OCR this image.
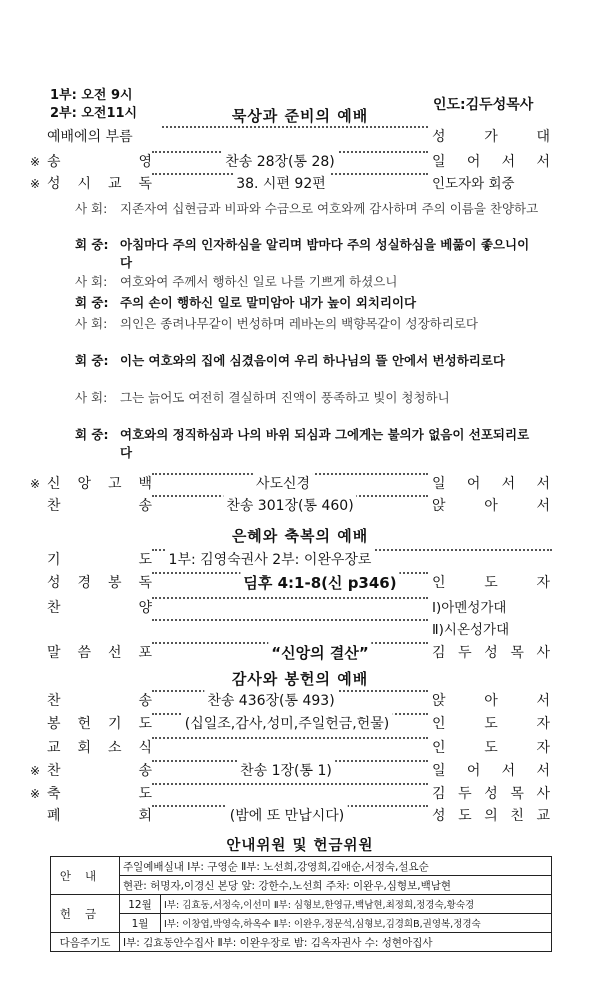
1부: 오전 9시
2부: 오전11시
인도:김두성목사
묵상과 준비의 예배
예배에의 부름	성	가	대
※ 송	영	찬송 28장(통 28)	일 어 서 서
※ 성 시 교 독	38. 시편 92편	인도자와 회중
※ 신 앙 고 백	사도신경	일 어 서 서
찬	송	찬송 301장(통 460)	앉	아	서
기	도 1부: 김영숙권사 2부: 이완우장로
성 경 봉 독	딤후 4:1-8(신 p346)	인	도	자
찬	양	Ⅰ)아멘성가대
Ⅱ)시온성가대
말 씀 선 포	“신앙의 결산”	김 두 성 목 사
찬	송	찬송 436장(통 493)	앉	아	서
봉 헌 기 도 (십일조,감사,성미,주일헌금,헌물)	인	도	자
교 회 소 식	인	도	자
※ 찬	송	찬송 1장(통 1)	일 어 서 서
※ 축	도	김 두 성 목 사
폐	회	(밤에 또 만납시다)	성 도 의 친 교
사 회:	지존자여 십현금과 비파와 수금으로 여호와께 감사하며 주의 이름을 찬양하고
회 중: 아침마다 주의 인자하심을 알리며 밤마다 주의 성실하심을 베풂이 좋으니이다
사 회:	여호와여 주께서 행하신 일로 나를 기쁘게 하셨으니
회 중: 주의 손이 행하신 일로 말미암아 내가 높이 외치리이다
사 회:	의인은 종려나무같이 번성하며 레바논의 백향목같이 성장하리로다
회 중: 이는 여호와의 집에 심겼음이여 우리 하나님의 뜰 안에서 번성하리로다
사 회:	그는 늙어도 여전히 결실하며 진액이 풍족하고 빛이 청청하니
회 중: 여호와의 정직하심과 나의 바위 되심과 그에게는 불의가 없음이 선포되리로다
은혜와 축복의 예배
감사와 봉헌의 예배
안내위원 및 헌금위원
안내	주일예배실내 Ⅰ부: 구영순 Ⅱ부: 노선희,강영희,김애순,서정숙,설요순	
	현관: 허명자,이경신 본당 앞: 강한수,노선희 주차: 이완우,심형보,백남현	
헌금	12월	Ⅰ부: 김효동,서정숙,이선미 Ⅱ부: 심형보,한영규,백남현,최정희,정경숙,황숙경
	1월	Ⅰ부: 이창엽,박영숙,하옥수 Ⅱ부: 이완우,정문석,심형보,김경희B,권영복,정경숙
다음주기도	Ⅰ부: 김효동안수집사 Ⅱ부: 이완우장로 밤: 김옥자권사 수: 성현아집사	
